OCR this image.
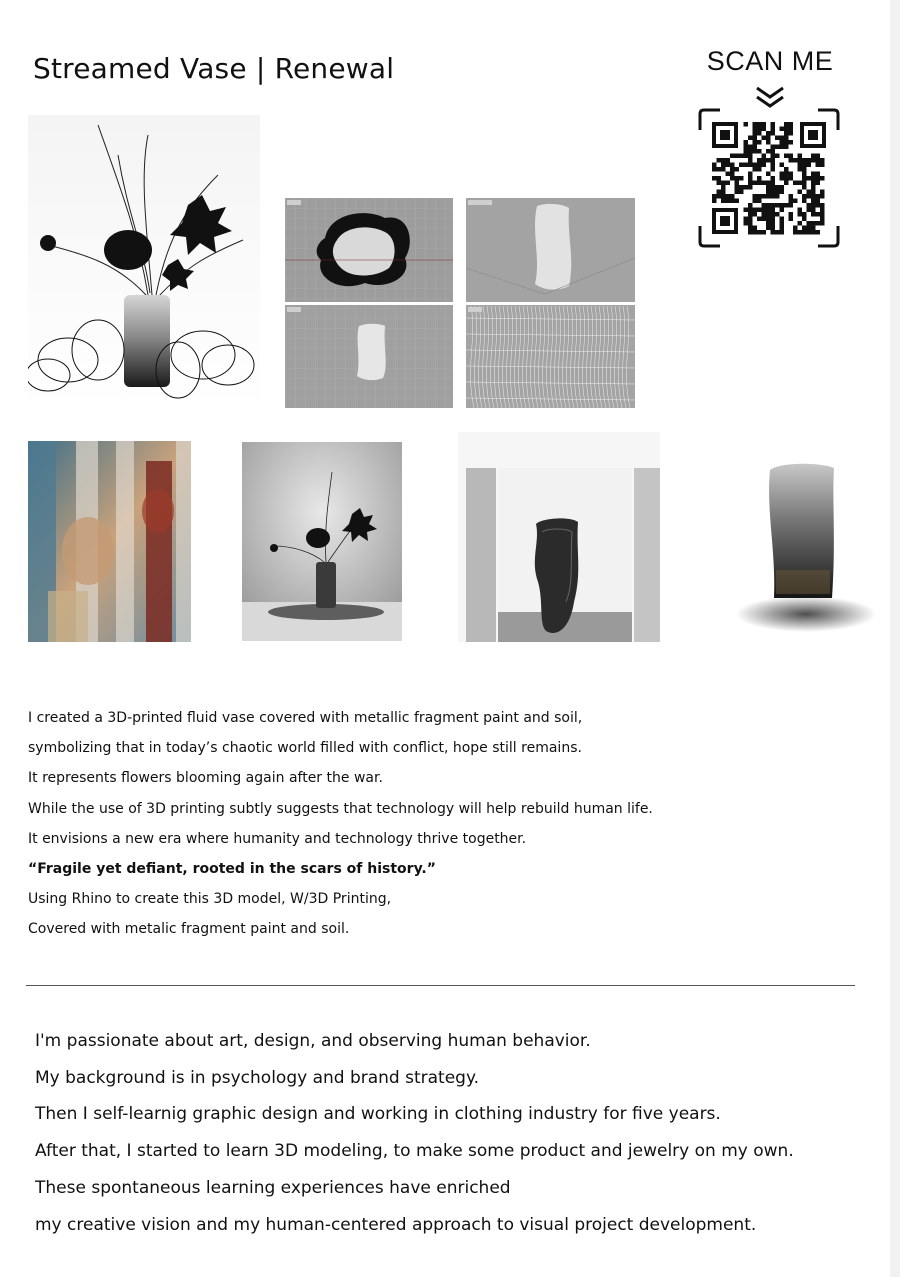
Streamed Vase | Renewal	SCAN ME

I created a 3D-printed fluid vase covered with metallic fragment paint and soil,

symbolizing that in today’s chaotic world filled with conflict, hope still remains.

It represents flowers blooming again after the war.

While the use of 3D printing subtly suggests that technology will help rebuild human life.

It envisions a new era where humanity and technology thrive together.

“Fragile yet defiant, rooted in the scars of history.”

Using Rhino to create this 3D model, W/3D Printing,

Covered with metalic fragment paint and soil.

I'm passionate about art, design, and observing human behavior.

My background is in psychology and brand strategy.

Then I self-learnig graphic design and working in clothing industry for five years.

After that, I started to learn 3D modeling, to make some product and jewelry on my own.

These spontaneous learning experiences have enriched

my creative vision and my human-centered approach to visual project development.
